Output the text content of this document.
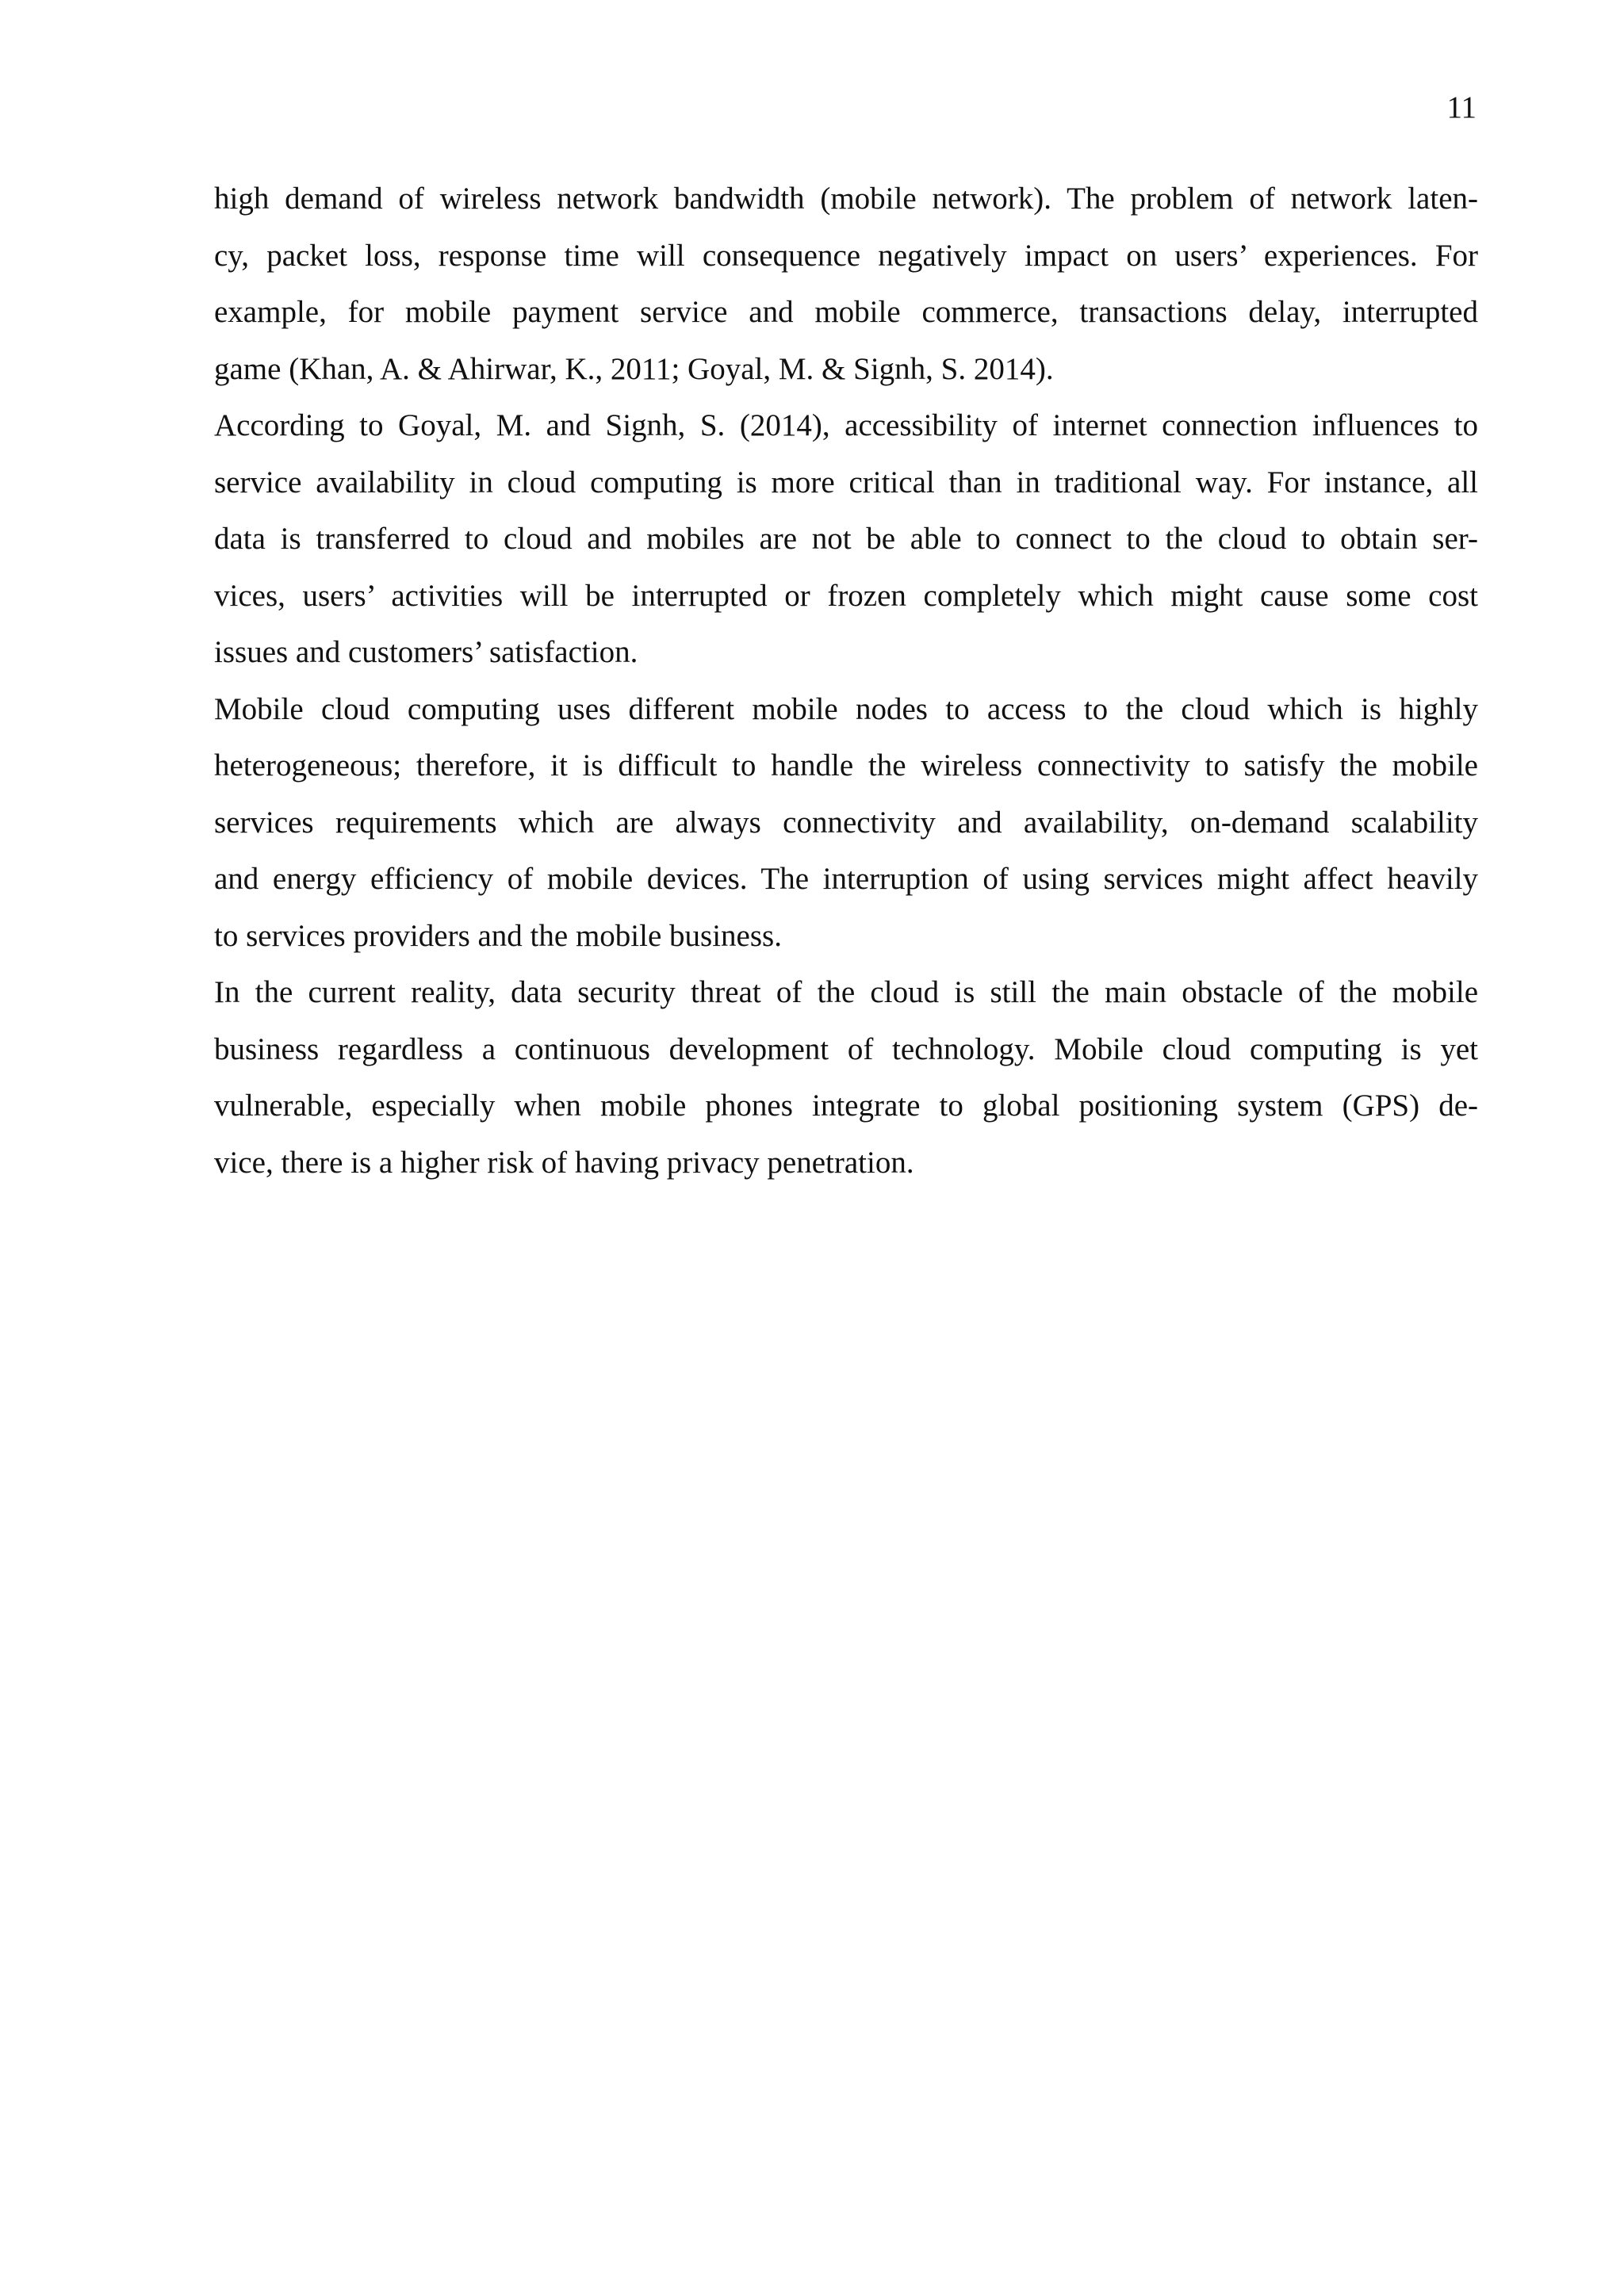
11

high demand of wireless network bandwidth (mobile network). The problem of network laten-
cy, packet loss, response time will consequence negatively impact on users’ experiences. For
example, for mobile payment service and mobile commerce, transactions delay, interrupted
game (Khan, A. & Ahirwar, K., 2011; Goyal, M. & Signh, S. 2014).

According to Goyal, M. and Signh, S. (2014), accessibility of internet connection influences to
service availability in cloud computing is more critical than in traditional way. For instance, all
data is transferred to cloud and mobiles are not be able to connect to the cloud to obtain ser-
vices, users’ activities will be interrupted or frozen completely which might cause some cost
issues and customers’ satisfaction.

Mobile cloud computing uses different mobile nodes to access to the cloud which is highly
heterogeneous; therefore, it is difficult to handle the wireless connectivity to satisfy the mobile
services requirements which are always connectivity and availability, on-demand scalability
and energy efficiency of mobile devices. The interruption of using services might affect heavily
to services providers and the mobile business.

In the current reality, data security threat of the cloud is still the main obstacle of the mobile
business regardless a continuous development of technology. Mobile cloud computing is yet
vulnerable, especially when mobile phones integrate to global positioning system (GPS) de-
vice, there is a higher risk of having privacy penetration.
